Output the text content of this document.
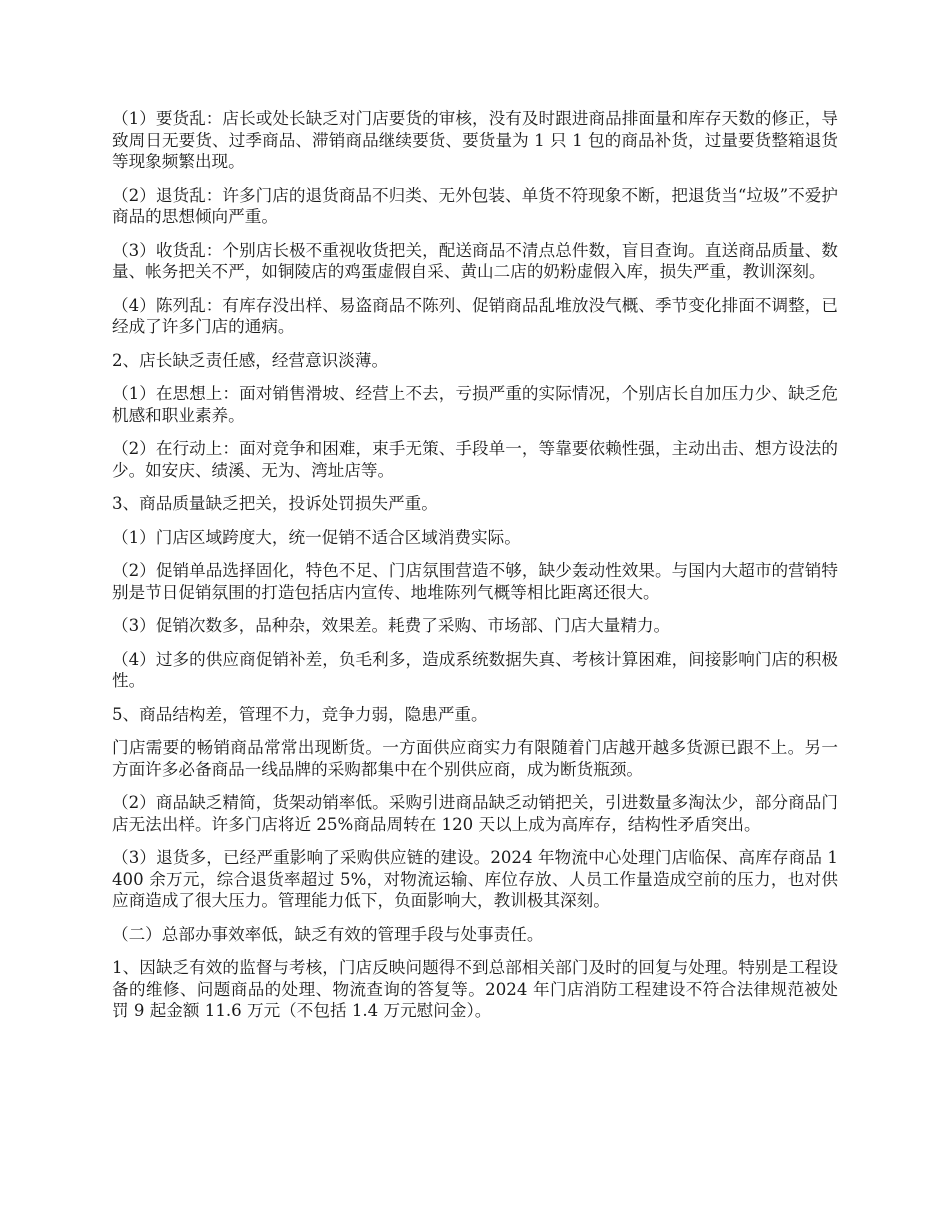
（1）要货乱：店长或处长缺乏对门店要货的审核，没有及时跟进商品排面量和库存天数的修正，导致周日无要货、过季商品、滞销商品继续要货、要货量为 1 只 1 包的商品补货，过量要货整箱退货等现象频繁出现。

（2）退货乱：许多门店的退货商品不归类、无外包装、单货不符现象不断，把退货当“垃圾”不爱护商品的思想倾向严重。

（3）收货乱：个别店长极不重视收货把关，配送商品不清点总件数，盲目查询。直送商品质量、数量、帐务把关不严，如铜陵店的鸡蛋虚假自采、黄山二店的奶粉虚假入库，损失严重，教训深刻。

（4）陈列乱：有库存没出样、易盗商品不陈列、促销商品乱堆放没气概、季节变化排面不调整，已经成了许多门店的通病。

2、店长缺乏责任感，经营意识淡薄。

（1）在思想上：面对销售滑坡、经营上不去，亏损严重的实际情况，个别店长自加压力少、缺乏危机感和职业素养。

（2）在行动上：面对竞争和困难，束手无策、手段单一，等靠要依赖性强，主动出击、想方设法的少。如安庆、绩溪、无为、湾址店等。

3、商品质量缺乏把关，投诉处罚损失严重。

（1）门店区域跨度大，统一促销不适合区域消费实际。

（2）促销单品选择固化，特色不足、门店氛围营造不够，缺少轰动性效果。与国内大超市的营销特别是节日促销氛围的打造包括店内宣传、地堆陈列气概等相比距离还很大。

（3）促销次数多，品种杂，效果差。耗费了采购、市场部、门店大量精力。

（4）过多的供应商促销补差，负毛利多，造成系统数据失真、考核计算困难，间接影响门店的积极性。

5、商品结构差，管理不力，竞争力弱，隐患严重。

门店需要的畅销商品常常出现断货。一方面供应商实力有限随着门店越开越多货源已跟不上。另一方面许多必备商品一线品牌的采购都集中在个别供应商，成为断货瓶颈。

（2）商品缺乏精简，货架动销率低。采购引进商品缺乏动销把关，引进数量多淘汰少，部分商品门店无法出样。许多门店将近 25%商品周转在 120 天以上成为高库存，结构性矛盾突出。

（3）退货多，已经严重影响了采购供应链的建设。2024 年物流中心处理门店临保、高库存商品 1400 余万元，综合退货率超过 5%，对物流运输、库位存放、人员工作量造成空前的压力，也对供应商造成了很大压力。管理能力低下，负面影响大，教训极其深刻。

（二）总部办事效率低，缺乏有效的管理手段与处事责任。

1、因缺乏有效的监督与考核，门店反映问题得不到总部相关部门及时的回复与处理。特别是工程设备的维修、问题商品的处理、物流查询的答复等。2024 年门店消防工程建设不符合法律规范被处罚 9 起金额 11.6 万元（不包括 1.4 万元慰问金）。
